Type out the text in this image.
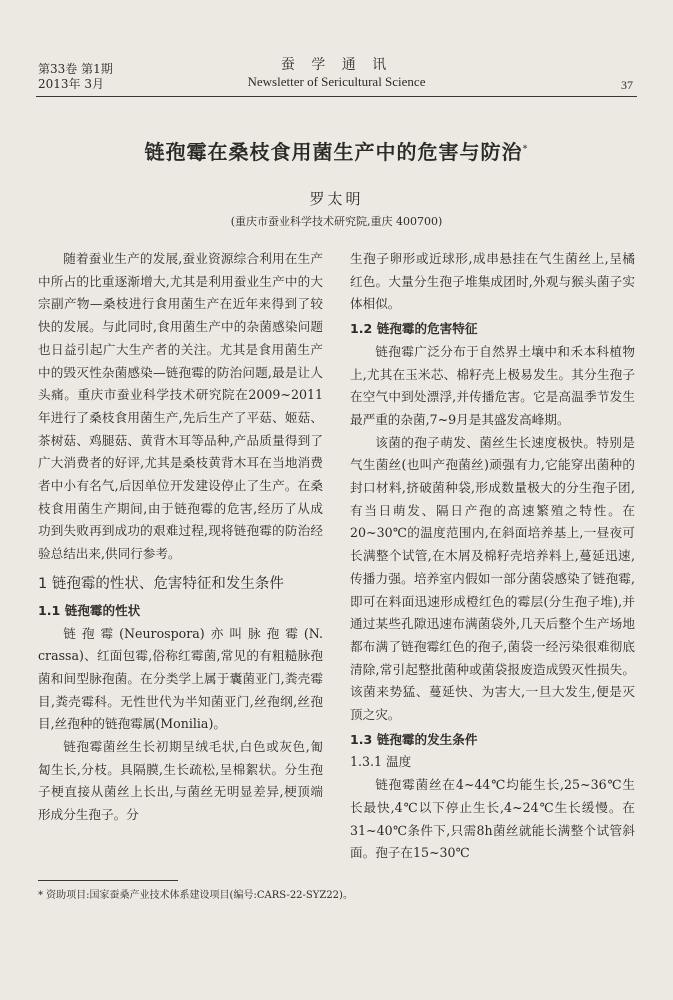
第33卷 第1期
2013年 3月
蚕 学 通 讯
Newsletter of Sericultural Science	37
链孢霉在桑枝食用菌生产中的危害与防治*
罗太明
(重庆市蚕业科学技术研究院,重庆 400700)

随着蚕业生产的发展,蚕业资源综合利用在生产中所占的比重逐渐增大,尤其是利用蚕业生产中的大宗副产物—桑枝进行食用菌生产在近年来得到了较快的发展。与此同时,食用菌生产中的杂菌感染问题也日益引起广大生产者的关注。尤其是食用菌生产中的毁灭性杂菌感染—链孢霉的防治问题,最是让人头痛。重庆市蚕业科学技术研究院在2009~2011年进行了桑枝食用菌生产,先后生产了平菇、姬菇、茶树菇、鸡腿菇、黄背木耳等品种,产品质量得到了广大消费者的好评,尤其是桑枝黄背木耳在当地消费者中小有名气,后因单位开发建设停止了生产。在桑枝食用菌生产期间,由于链孢霉的危害,经历了从成功到失败再到成功的艰难过程,现将链孢霉的防治经验总结出来,供同行参考。

1 链孢霉的性状、危害特征和发生条件
1.1 链孢霉的性状

链孢霉(Neurospora)亦叫脉孢霉(N. crassa)、红面包霉,俗称红霉菌,常见的有粗糙脉孢菌和间型脉孢菌。在分类学上属于囊菌亚门,粪壳霉目,粪壳霉科。无性世代为半知菌亚门,丝孢纲,丝孢目,丝孢种的链孢霉属(Monilia)。

链孢霉菌丝生长初期呈绒毛状,白色或灰色,匍匐生长,分枝。具隔膜,生长疏松,呈棉絮状。分生孢子梗直接从菌丝上长出,与菌丝无明显差异,梗顶端形成分生孢子。分

生孢子卵形或近球形,成串悬挂在气生菌丝上,呈橘红色。大量分生孢子堆集成团时,外观与猴头菌子实体相似。

1.2 链孢霉的危害特征

链孢霉广泛分布于自然界土壤中和禾本科植物上,尤其在玉米芯、棉籽壳上极易发生。其分生孢子在空气中到处漂浮,并传播危害。它是高温季节发生最严重的杂菌,7~9月是其盛发高峰期。

该菌的孢子萌发、菌丝生长速度极快。特别是气生菌丝(也叫产孢菌丝)顽强有力,它能穿出菌种的封口材料,挤破菌种袋,形成数量极大的分生孢子团,有当日萌发、隔日产孢的高速繁殖之特性。在20~30℃的温度范围内,在斜面培养基上,一昼夜可长满整个试管,在木屑及棉籽壳培养料上,蔓延迅速,传播力强。培养室内假如一部分菌袋感染了链孢霉,即可在料面迅速形成橙红色的霉层(分生孢子堆),并通过某些孔隙迅速布满菌袋外,几天后整个生产场地都布满了链孢霉红色的孢子,菌袋一经污染很难彻底清除,常引起整批菌种或菌袋报废造成毁灭性损失。该菌来势猛、蔓延快、为害大,一旦大发生,便是灭顶之灾。

1.3 链孢霉的发生条件
1.3.1 温度

链孢霉菌丝在4~44℃均能生长,25~36℃生长最快,4℃以下停止生长,4~24℃生长缓慢。在31~40℃条件下,只需8h菌丝就能长满整个试管斜面。孢子在15~30℃

* 资助项目:国家蚕桑产业技术体系建设项目(编号:CARS-22-SYZ22)。
